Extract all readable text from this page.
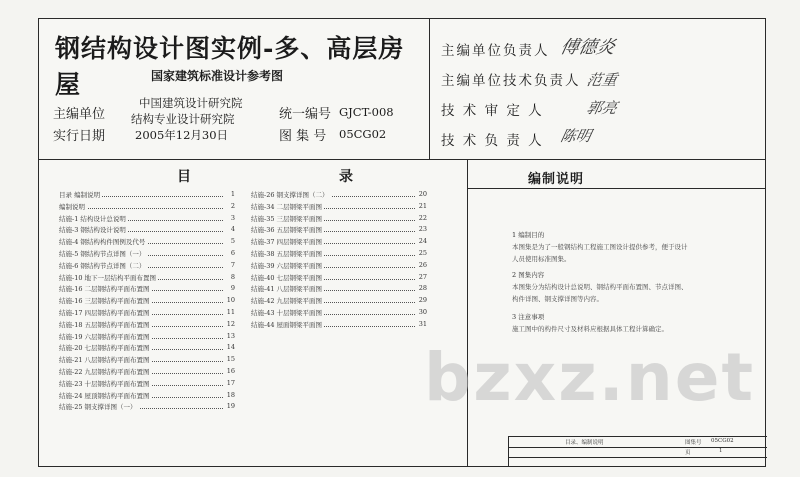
钢结构设计图实例-多、高层房屋	国家建筑标准设计参考图
主编单位
中国建筑设计研究院
结构专业设计研究院
实行日期	2005年12月30日
统一编号 GJCT-008
图 集 号 05CG02
主编单位负责人 傅德炎
主编单位技术负责人 范重
技 术 审 定 人	郭亮
技 术 负 责 人 陈明
目	录
目录 编制说明	1
编制说明	2
结施-1 结构设计总说明	3
结施-3 钢结构设计说明	4
结施-4 钢结构构件图例及代号	5
结施-5 钢结构节点详图（一）	6
结施-6 钢结构节点详图（二）	7
结施-10 地下一层结构平面布置图	8
结施-16 二层钢结构平面布置图	9
结施-16 三层钢结构平面布置图	10
结施-17 四层钢结构平面布置图	11
结施-18 五层钢结构平面布置图	12
结施-19 六层钢结构平面布置图	13
结施-20 七层钢结构平面布置图	14
结施-21 八层钢结构平面布置图	15
结施-22 九层钢结构平面布置图	16
结施-23 十层钢结构平面布置图	17
结施-24 屋顶钢结构平面布置图	18
结施-25 钢支撑详图（一）	19
结施-26 钢支撑详图（二）	20
结施-34 二层钢梁平面图	21
结施-35 三层钢梁平面图	22
结施-36 五层钢梁平面图	23
结施-37 四层钢梁平面图	24
结施-38 五层钢梁平面图	25
结施-39 六层钢梁平面图	26
结施-40 七层钢梁平面图	27
结施-41 八层钢梁平面图	28
结施-42 九层钢梁平面图	29
结施-43 十层钢梁平面图	30
结施-44 屋面钢梁平面图	31
编制说明
1 编制目的
本图集是为了一般钢结构工程施工图设计提供参考，便于设计人员使用标准图集。
2 图集内容
本图集分为结构设计总说明、钢结构平面布置图、节点详图、构件详图、钢支撑详图等内容。
3 注意事项
施工图中的构件尺寸及材料应根据具体工程计算确定。
目录、编制说明	图集号 05CG02
页	1
bzxz.net
